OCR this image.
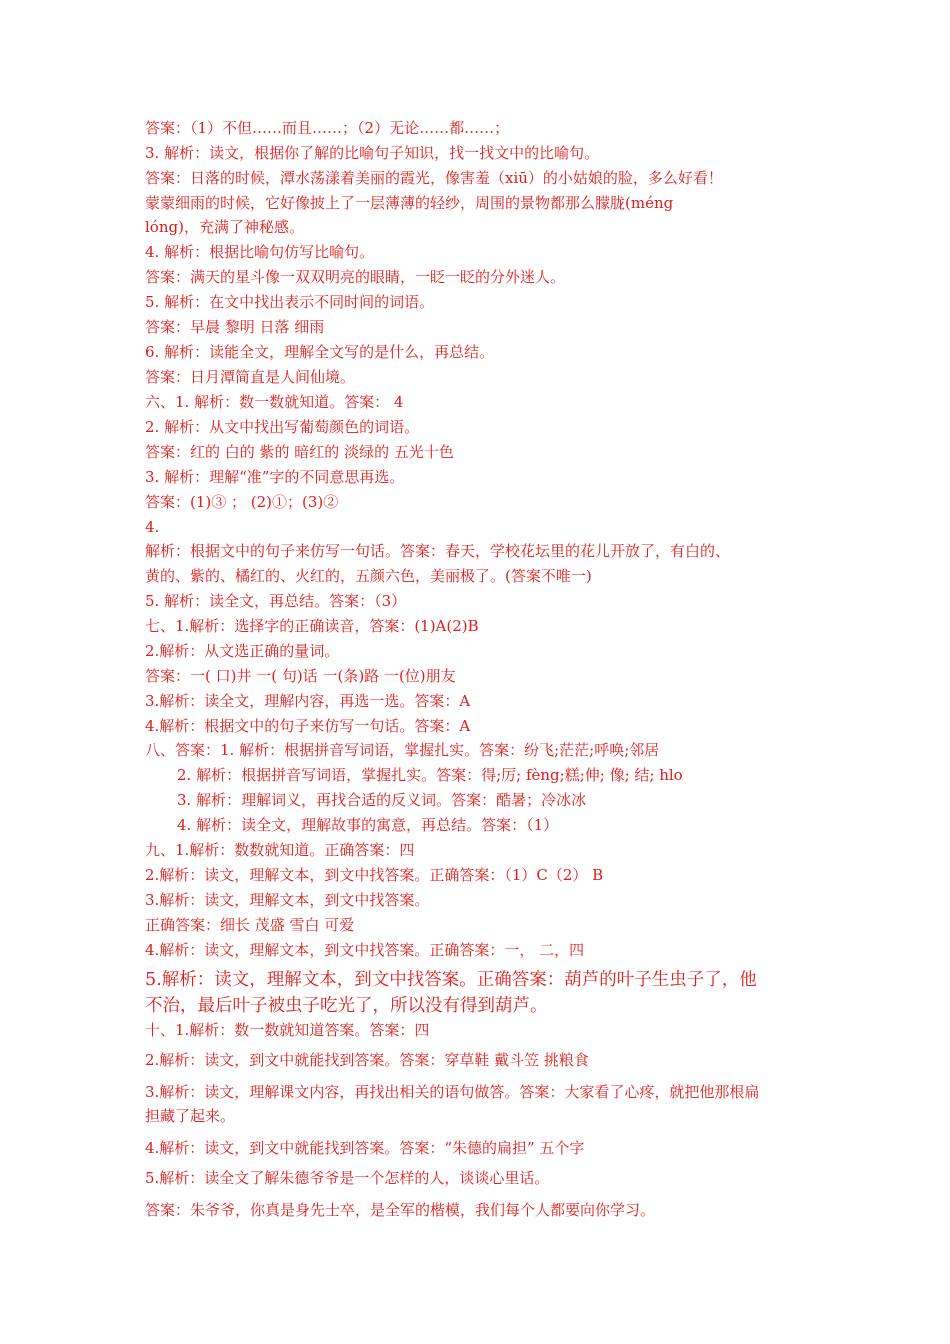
答案：（1）不但……而且……；（2）无论……都……；
3. 解析：读文，根据你了解的比喻句子知识，找一找文中的比喻句。
答案：日落的时候，潭水荡漾着美丽的霞光，像害羞（xiū）的小姑娘的脸，多么好看！
蒙蒙细雨的时候，它好像披上了一层薄薄的轻纱，周围的景物都那么朦胧(méng
lóng)，充满了神秘感。
4. 解析：根据比喻句仿写比喻句。
答案：满天的星斗像一双双明亮的眼睛，一眨一眨的分外迷人。
5. 解析：在文中找出表示不同时间的词语。
答案：早晨 黎明 日落 细雨
6. 解析：读能全文，理解全文写的是什么，再总结。
答案：日月潭简直是人间仙境。
六、1. 解析：数一数就知道。答案： 4
2. 解析：从文中找出写葡萄颜色的词语。
答案：红的 白的 紫的 暗红的 淡绿的 五光十色
3. 解析：理解“准”字的不同意思再选。
答案：(1)③ ； (2)①；(3)②
4.
解析：根据文中的句子来仿写一句话。答案：春天，学校花坛里的花儿开放了，有白的、
黄的、紫的、橘红的、火红的，五颜六色，美丽极了。(答案不唯一)
5. 解析：读全文，再总结。答案：（3）
七、1.解析：选择字的正确读音，答案：(1)A(2)B
2.解析：从文选正确的量词。
答案：一( 口)井 一( 句)话 一(条)路 一(位)朋友
3.解析：读全文，理解内容，再选一选。答案：A
4.解析：根据文中的句子来仿写一句话。答案：A
八、答案：1. 解析：根据拼音写词语，掌握扎实。答案：纷飞;茫茫;呼唤;邻居
2. 解析：根据拼音写词语，掌握扎实。答案：得;厉; fèng;糕;伸; 像; 结; hlo
3. 解析：理解词义，再找合适的反义词。答案：酷暑；冷冰冰
4. 解析：读全文，理解故事的寓意，再总结。答案：（1）
九、1.解析：数数就知道。正确答案：四
2.解析：读文，理解文本，到文中找答案。正确答案：（1）C（2） B
3.解析：读文，理解文本，到文中找答案。
正确答案：细长 茂盛 雪白 可爱
4.解析：读文，理解文本，到文中找答案。正确答案：一， 二，四
5.解析：读文，理解文本，到文中找答案。正确答案：葫芦的叶子生虫子了，他
不治，最后叶子被虫子吃光了，所以没有得到葫芦。
十、1.解析：数一数就知道答案。答案：四
2.解析：读文，到文中就能找到答案。答案：穿草鞋 戴斗笠 挑粮食
3.解析：读文，理解课文内容，再找出相关的语句做答。答案：大家看了心疼，就把他那根扁
担藏了起来。
4.解析：读文，到文中就能找到答案。答案：“朱德的扁担” 五个字
5.解析：读全文了解朱德爷爷是一个怎样的人，谈谈心里话。
答案：朱爷爷，你真是身先士卒，是全军的楷模，我们每个人都要向你学习。
